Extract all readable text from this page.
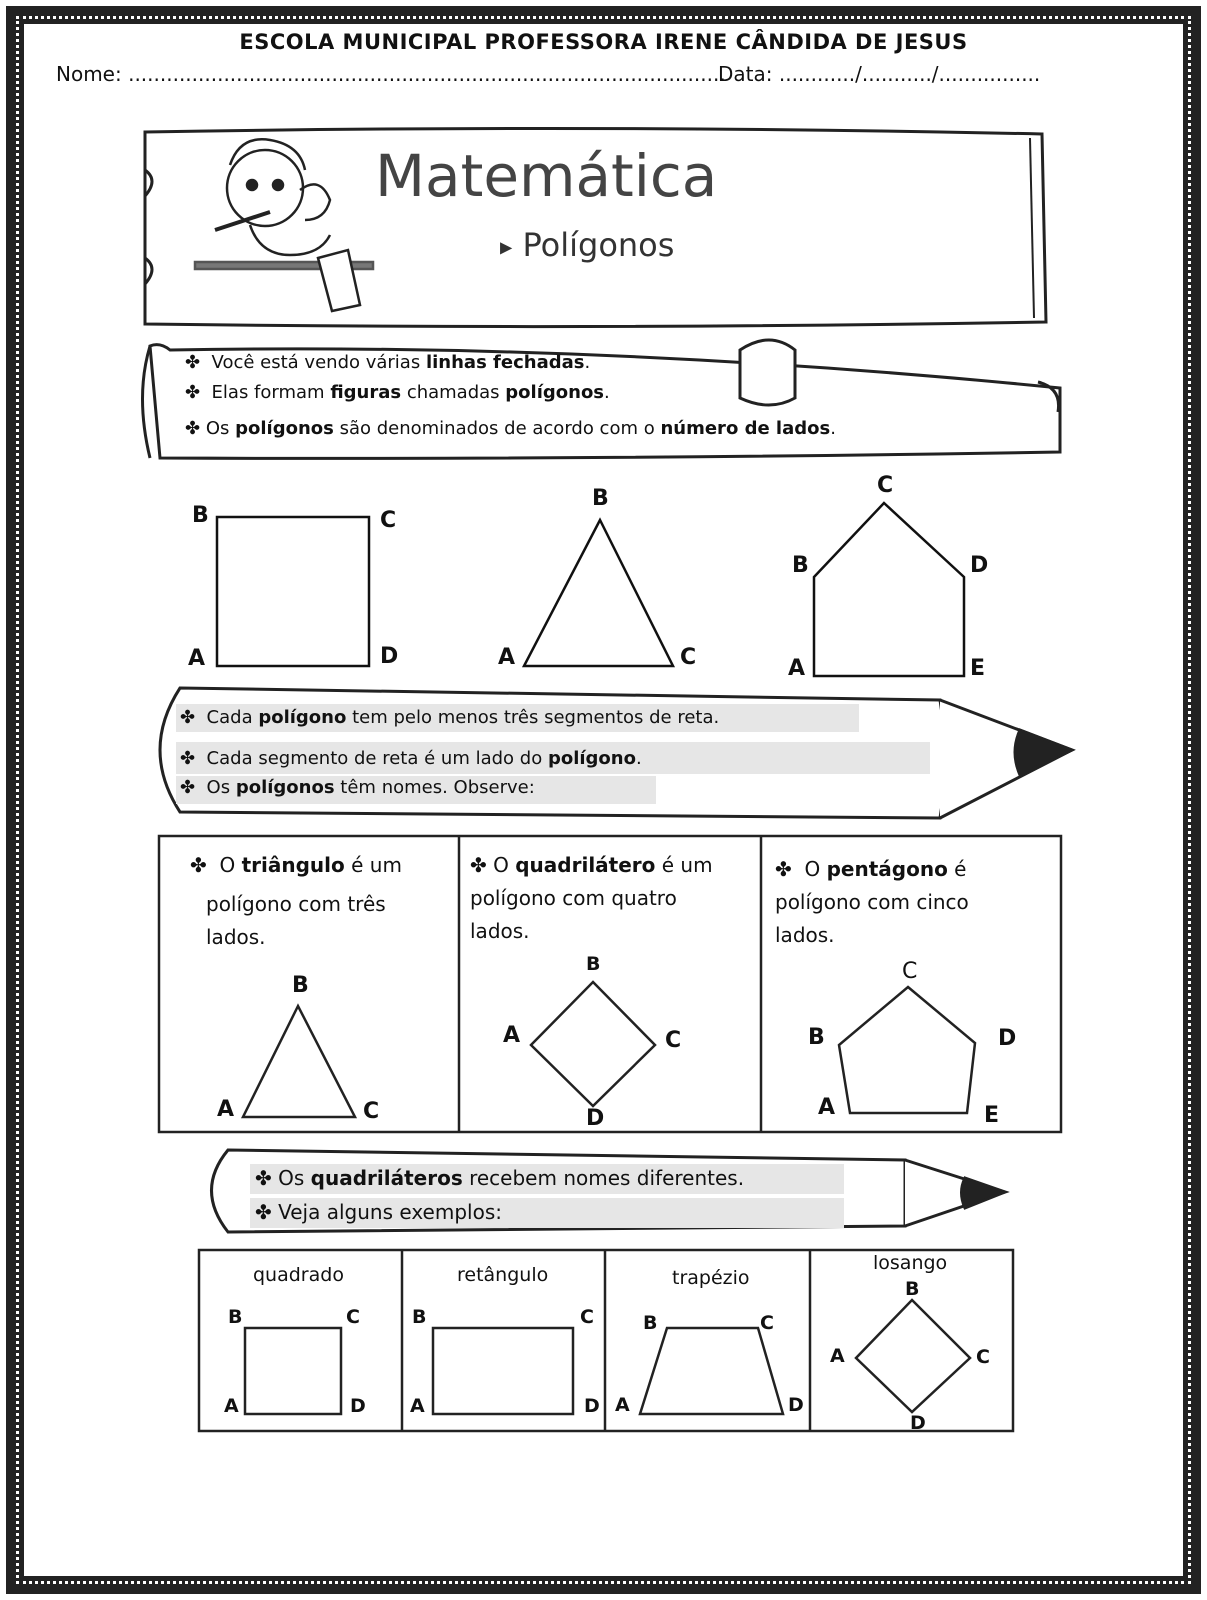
ESCOLA MUNICIPAL PROFESSORA IRENE CÂNDIDA DE JESUS
Nome: ..............................................................................................
Data: ............/.........../................
Matemática
▶ Polígonos
✤ Você está vendo várias linhas fechadas.
✤ Elas formam figuras chamadas polígonos.
✤ Os polígonos são denominados de acordo com o número de lados.
B	C
A	D
B
A	C
C
B	D
A	E
✤ Cada polígono tem pelo menos três segmentos de reta.
✤ Cada segmento de reta é um lado do polígono.
✤ Os polígonos têm nomes. Observe:
✤ O triângulo é um
polígono com três
lados.
✤ O quadrilátero é um
polígono com quatro
lados.
✤ O pentágono é
polígono com cinco
lados.
B
A	C
B
A	C
D
C
B	D
A	E
✤ Os quadriláteros recebem nomes diferentes.
✤ Veja alguns exemplos:
quadrado	retângulo	trapézio
losango
B	C
A	D
B	C
A	D
B	C
A	D
B
A	C
D
